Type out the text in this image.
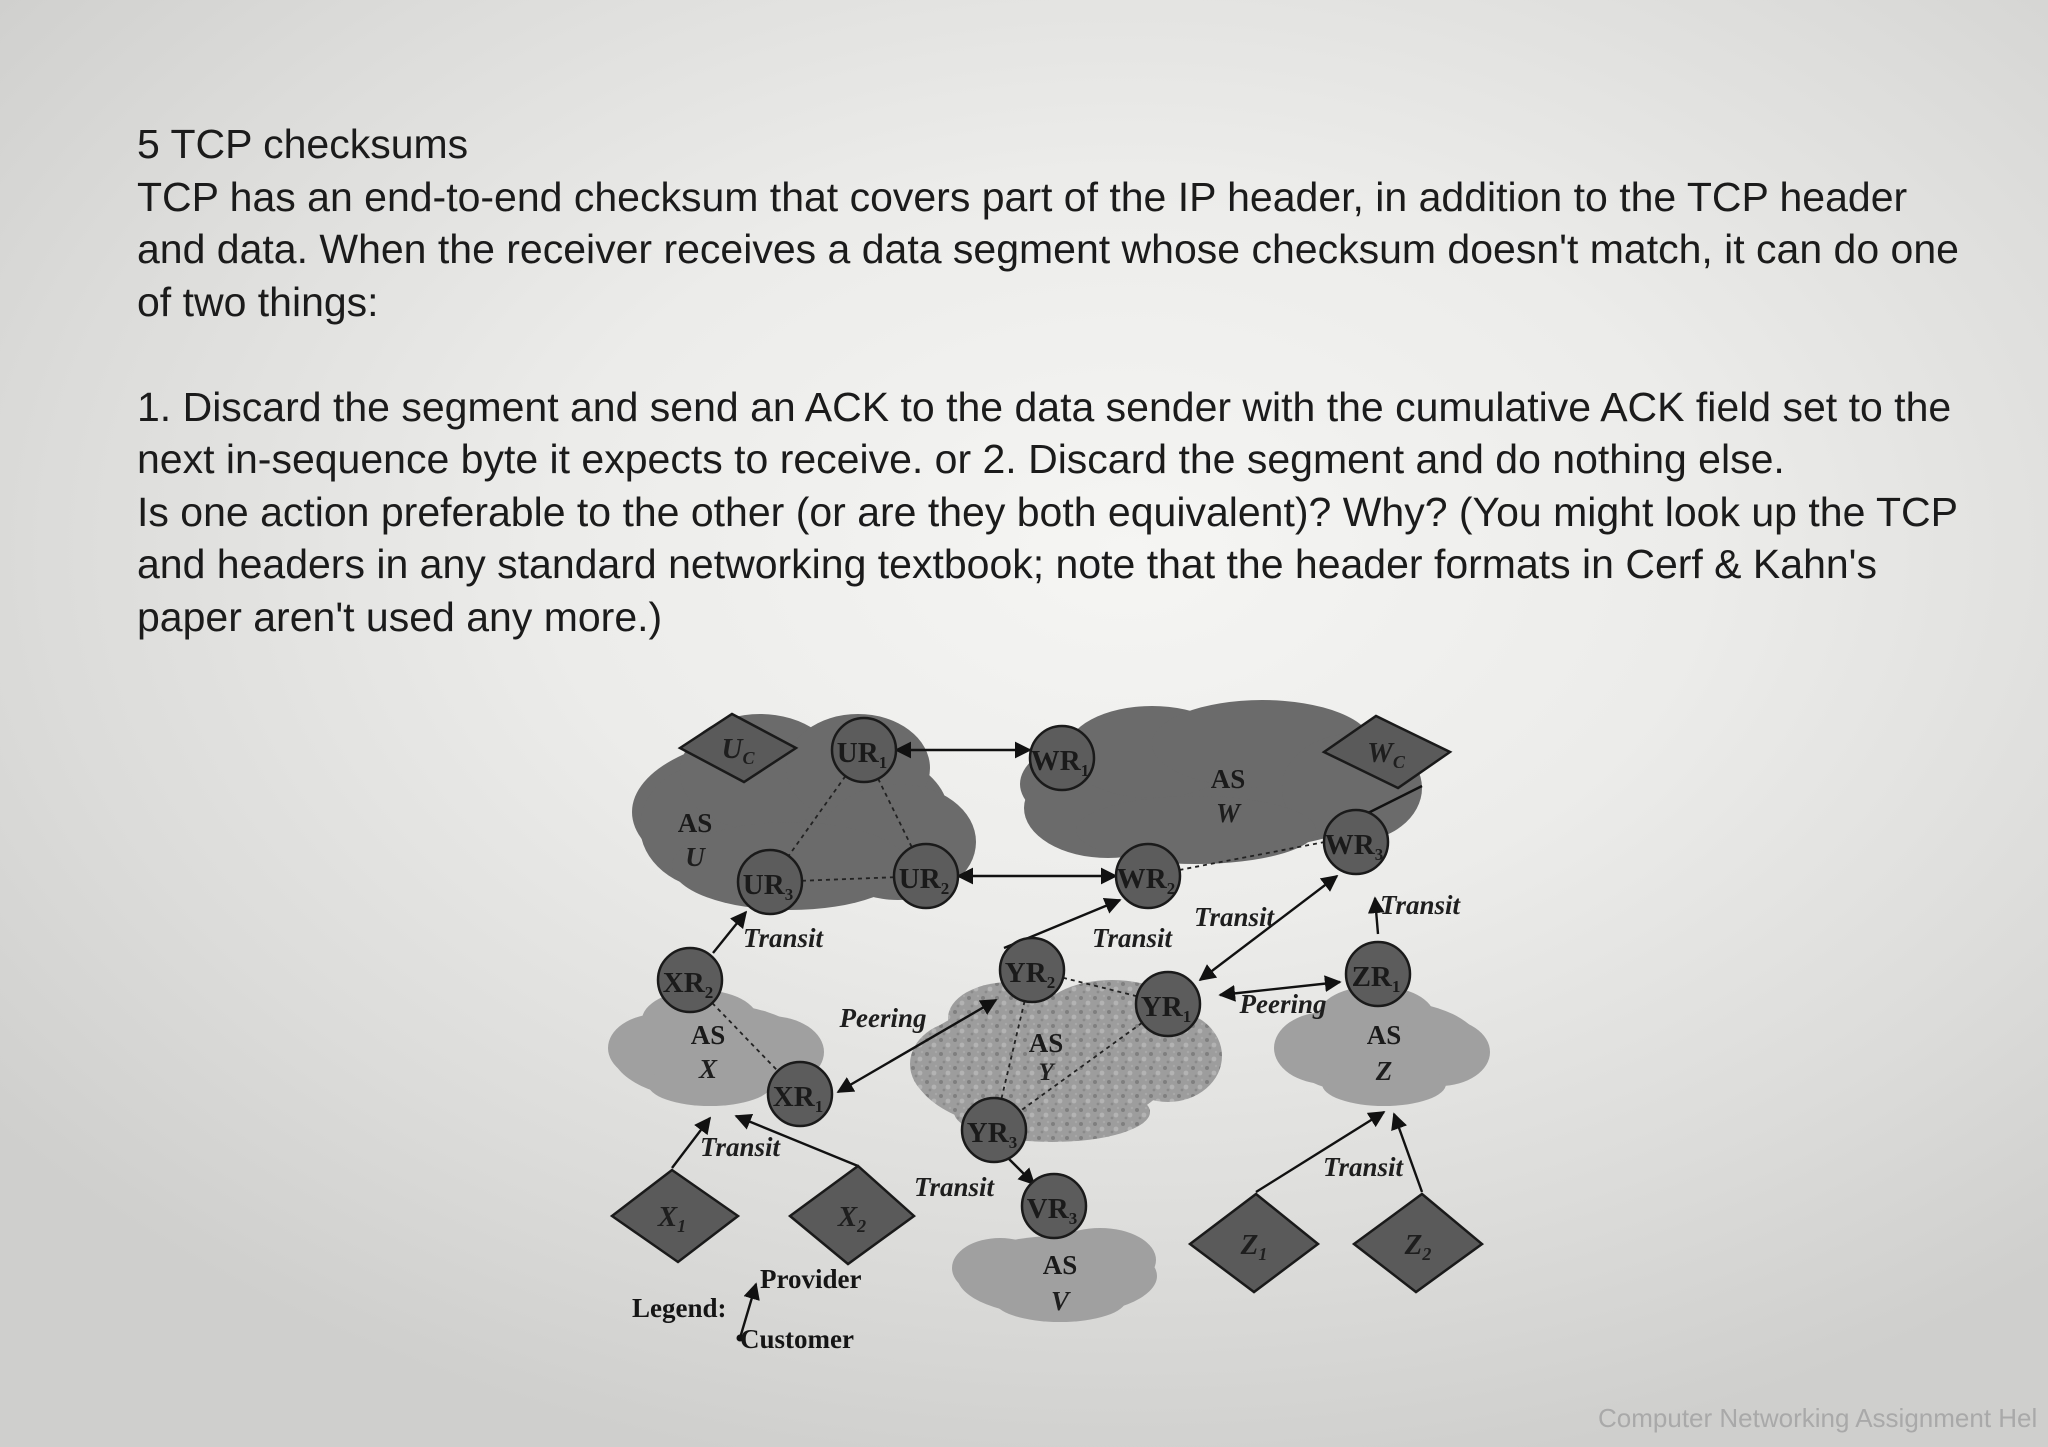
5 TCP checksums

TCP has an end-to-end checksum that covers part of the IP header, in addition to the TCP header and data. When the receiver receives a data segment whose checksum doesn't match, it can do one of two things:

1. Discard the segment and send an ACK to the data sender with the cumulative ACK field set to the next in-sequence byte it expects to receive. or 2. Discard the segment and do nothing else.

Is one action preferable to the other (or are they both equivalent)? Why? (You might look up the TCP and headers in any standard networking textbook; note that the header formats in Cerf & Kahn's paper aren't used any more.)

$UR_1$
$UR_2$
$UR_3$
$WR_1$
$WR_2$
$WR_3$
$XR_2$
$XR_1$
$YR_2$
$YR_1$
$YR_3$
$ZR_1$
$VR_3$
$U_C$	$W_C$
$X_1$	$X_2$
$Z_1$	$Z_2$
AS
U
AS
W
AS
X
AS
Y
AS
Z
AS
V
Transit	Transit
Transit	Transit
Peering	Peering
Transit
Transit
Transit
Legend:
Provider
Customer
Computer Networking Assignment Hel
